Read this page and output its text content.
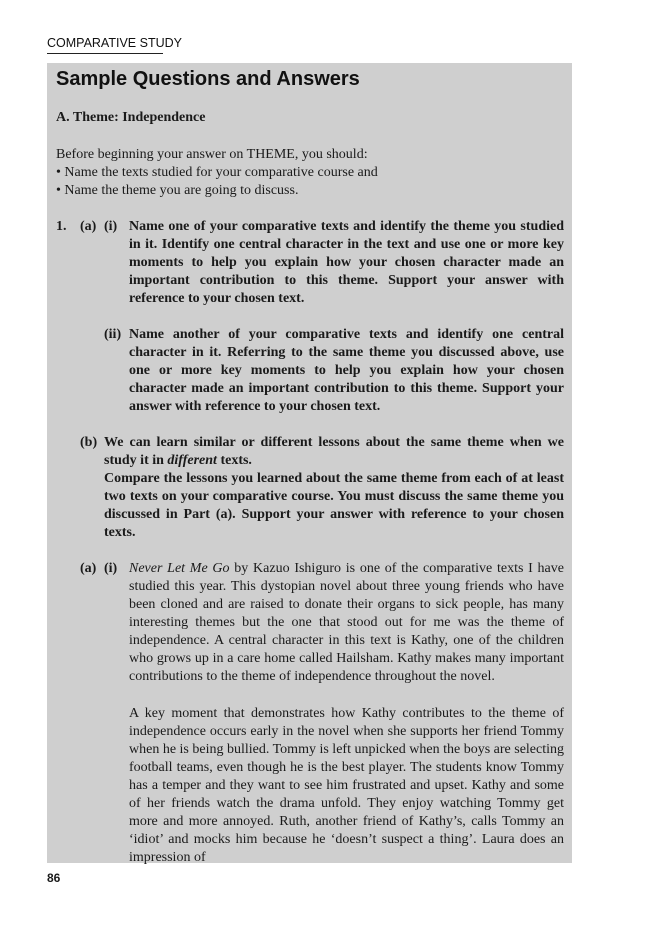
COMPARATIVE STUDY
Sample Questions and Answers
A. Theme: Independence
Before beginning your answer on THEME, you should:
• Name the texts studied for your comparative course and
• Name the theme you are going to discuss.
1. (a) (i)
(ii)
(b)
Name one of your comparative texts and identify the theme you studied in it. Identify one central character in the text and use one or more key moments to help you explain how your chosen character made an important contribution to this theme. Support your answer with reference to your chosen text.
Name another of your comparative texts and identify one central character in it. Referring to the same theme you discussed above, use one or more key moments to help you explain how your chosen character made an important contribution to this theme. Support your answer with reference to your chosen text.
We can learn similar or different lessons about the same theme when we study it in different texts.
Compare the lessons you learned about the same theme from each of at least two texts on your comparative course. You must discuss the same theme you discussed in Part (a). Support your answer with reference to your chosen texts.
(a) (i) Never Let Me Go by Kazuo Ishiguro is one of the comparative texts I have studied this year. This dystopian novel about three young friends who have been cloned and are raised to donate their organs to sick people, has many interesting themes but the one that stood out for me was the theme of independence. A central character in this text is Kathy, one of the children who grows up in a care home called Hailsham. Kathy makes many important contributions to the theme of independence throughout the novel.
A key moment that demonstrates how Kathy contributes to the theme of independence occurs early in the novel when she supports her friend Tommy when he is being bullied. Tommy is left unpicked when the boys are selecting football teams, even though he is the best player. The students know Tommy has a temper and they want to see him frustrated and upset. Kathy and some of her friends watch the drama unfold. They enjoy watching Tommy get more and more annoyed. Ruth, another friend of Kathy’s, calls Tommy an ‘idiot’ and mocks him because he ‘doesn’t suspect a thing’. Laura does an impression of
86
